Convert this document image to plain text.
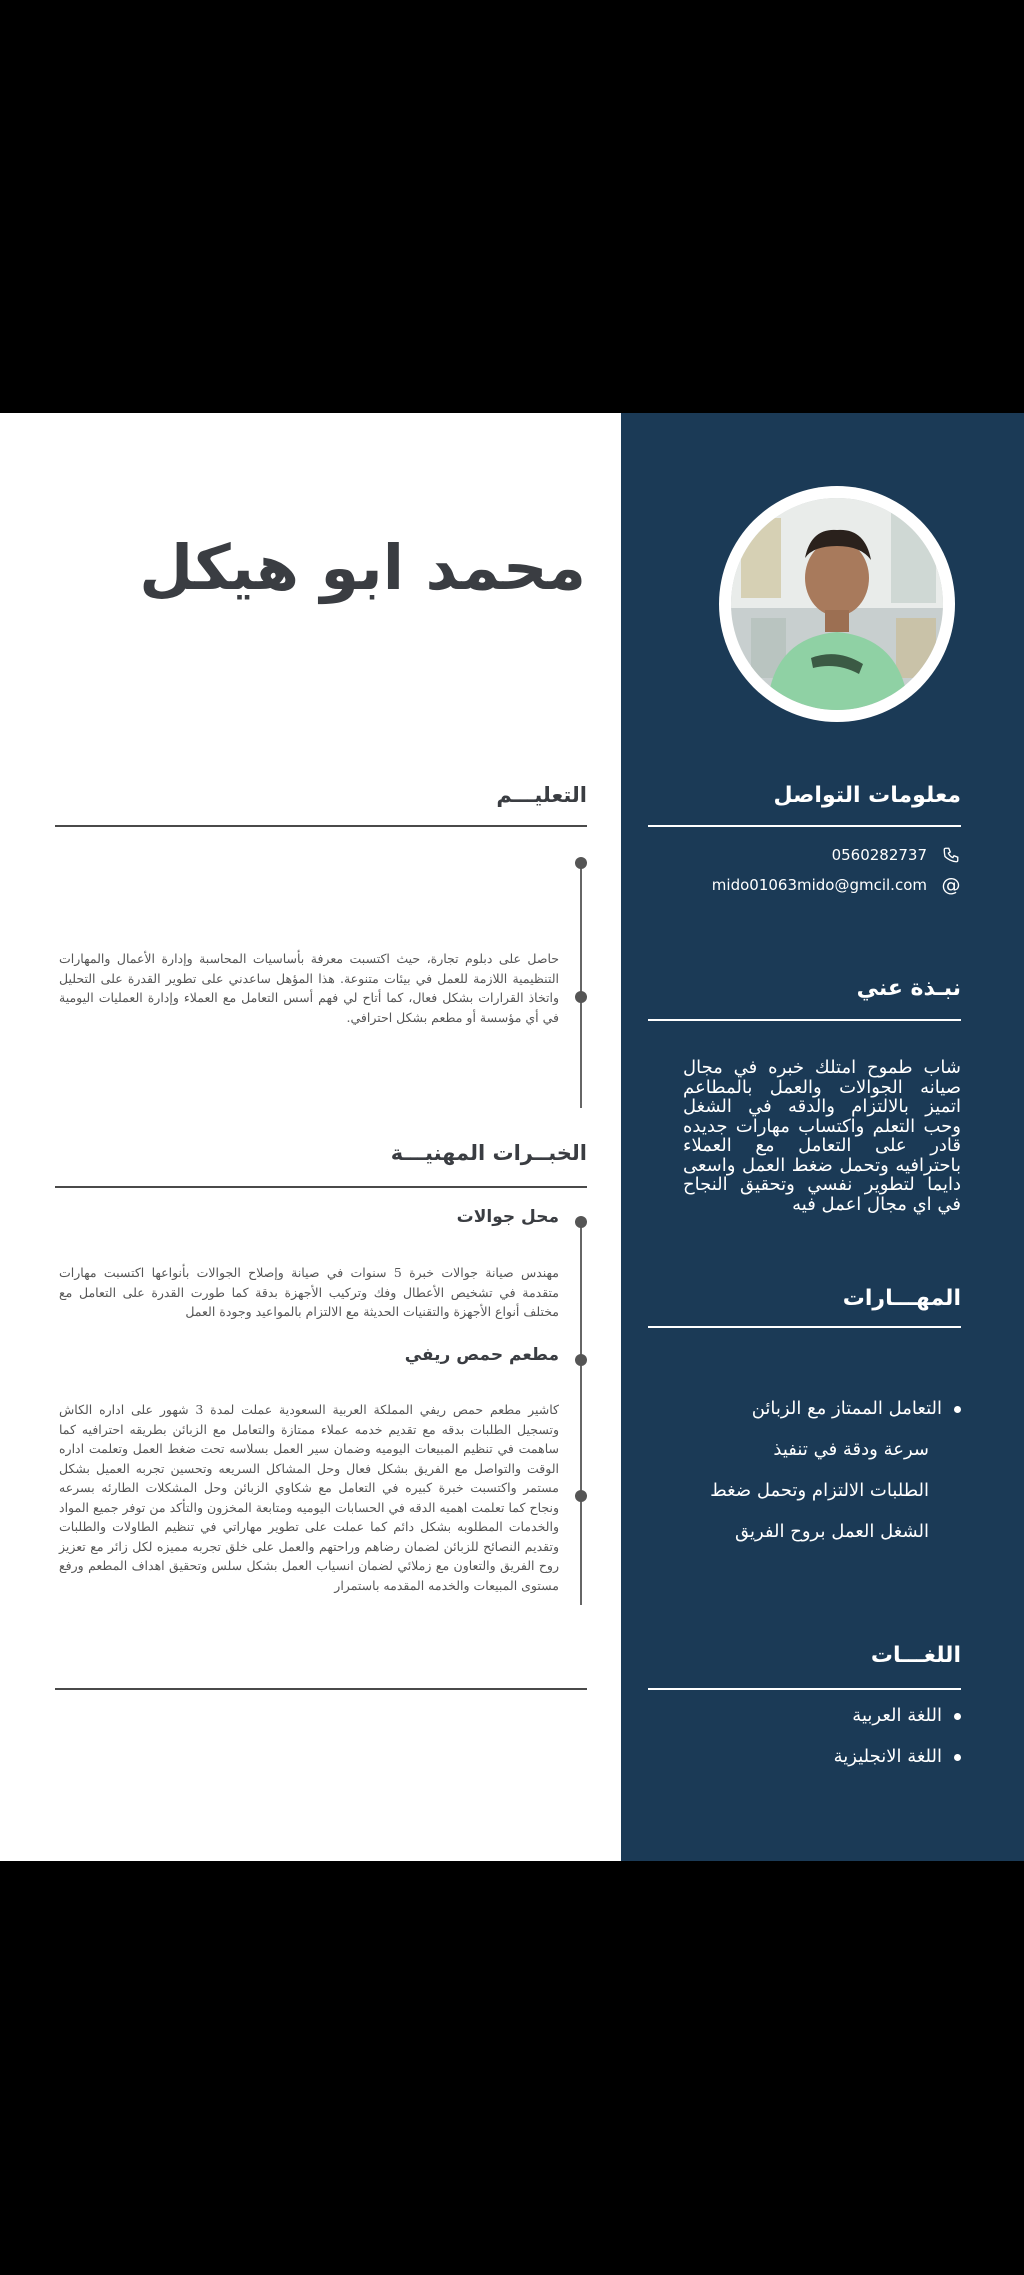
معلومات التواصل
0560282737
@
mido01063mido@gmcil.com
نبـذة عني
شاب طموح امتلك خبره في مجال صيانه الجوالات والعمل بالمطاعم اتميز بالالتزام والدقه في الشغل وحب التعلم واكتساب مهارات جديده قادر على التعامل مع العملاء باحترافيه وتحمل ضغط العمل واسعى دايما لتطوير نفسي وتحقيق النجاح في اي مجال اعمل فيه
المهـــارات
التعامل الممتاز مع الزبائن
سرعة ودقة في تنفيذ
الطلبات الالتزام وتحمل ضغط
الشغل العمل بروح الفريق
اللغـــات
اللغة العربية
اللغة الانجليزية
محمد ابو هيكل
التعليـــم
حاصل على دبلوم تجارة، حيث اكتسبت معرفة بأساسيات المحاسبة وإدارة الأعمال والمهارات التنظيمية اللازمة للعمل في بيئات متنوعة. هذا المؤهل ساعدني على تطوير القدرة على التحليل واتخاذ القرارات بشكل فعال، كما أتاح لي فهم أسس التعامل مع العملاء وإدارة العمليات اليومية في أي مؤسسة أو مطعم بشكل احترافي.
الخبــرات المهنيـــة
محل جوالات
مهندس صيانة جوالات خبرة 5 سنوات في صيانة وإصلاح الجوالات بأنواعها اكتسبت مهارات متقدمة في تشخيص الأعطال وفك وتركيب الأجهزة بدقة كما طورت القدرة على التعامل مع مختلف أنواع الأجهزة والتقنيات الحديثة مع الالتزام بالمواعيد وجودة العمل
مطعم حمص ريفي
كاشير مطعم حمص ريفي المملكة العربية السعودية عملت لمدة 3 شهور على اداره الكاش وتسجيل الطلبات بدقه مع تقديم خدمه عملاء ممتازة والتعامل مع الزبائن بطريقه احترافيه كما ساهمت في تنظيم المبيعات اليوميه وضمان سير العمل بسلاسه تحت ضغط العمل وتعلمت اداره الوقت والتواصل مع الفريق بشكل فعال وحل المشاكل السريعه وتحسين تجربه العميل بشكل مستمر واكتسبت خبرة كبيره في التعامل مع شكاوي الزبائن وحل المشكلات الطارئه بسرعه ونجاح كما تعلمت اهميه الدقه في الحسابات اليوميه ومتابعة المخزون والتأكد من توفر جميع المواد والخدمات المطلوبه بشكل دائم كما عملت على تطوير مهاراتي في تنظيم الطاولات والطلبات وتقديم النصائح للزبائن لضمان رضاهم وراحتهم والعمل على خلق تجربه مميزه لكل زائر مع تعزيز روح الفريق والتعاون مع زملائي لضمان انسياب العمل بشكل سلس وتحقيق اهداف المطعم ورفع مستوى المبيعات والخدمه المقدمه باستمرار
